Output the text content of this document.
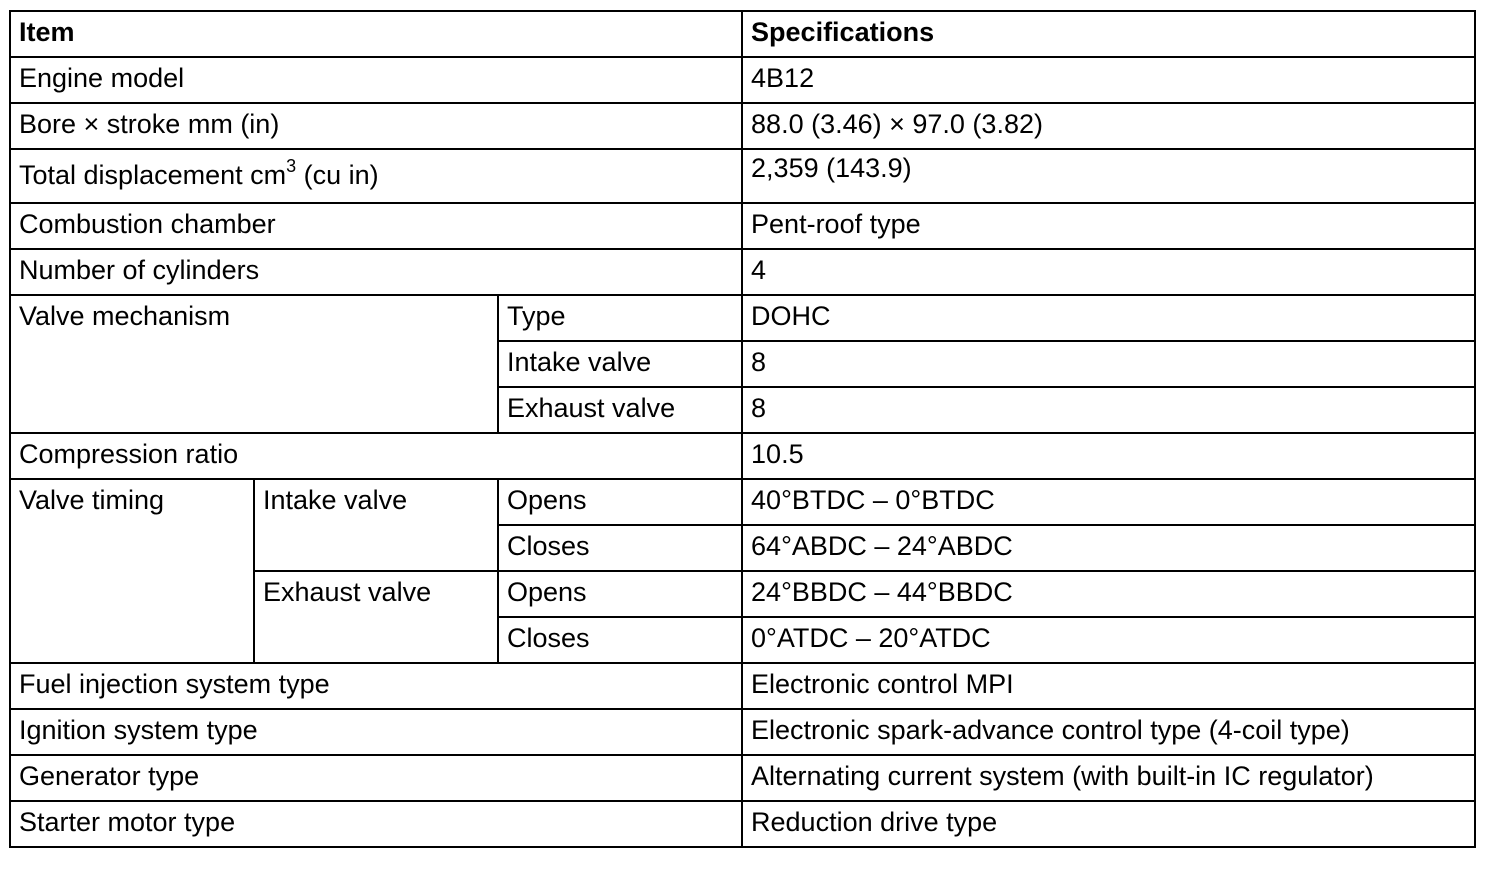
Item			Specifications
Engine model			4B12
Bore × stroke mm (in)			88.0 (3.46) × 97.0 (3.82)
Total displacement $cm^3$ (cu in)			2,359 (143.9)
Combustion chamber			Pent-roof type
Number of cylinders			4
Valve mechanism		Type	DOHC
		Intake valve	8
		Exhaust valve	8
Compression ratio			10.5
Valve timing	Intake valve	Opens	40°BTDC – 0°BTDC
		Closes	64°ABDC – 24°ABDC
	Exhaust valve	Opens	24°BBDC – 44°BBDC
		Closes	0°ATDC – 20°ATDC
Fuel injection system type			Electronic control MPI
Ignition system type			Electronic spark-advance control type (4-coil type)
Generator type			Alternating current system (with built-in IC regulator)
Starter motor type			Reduction drive type
